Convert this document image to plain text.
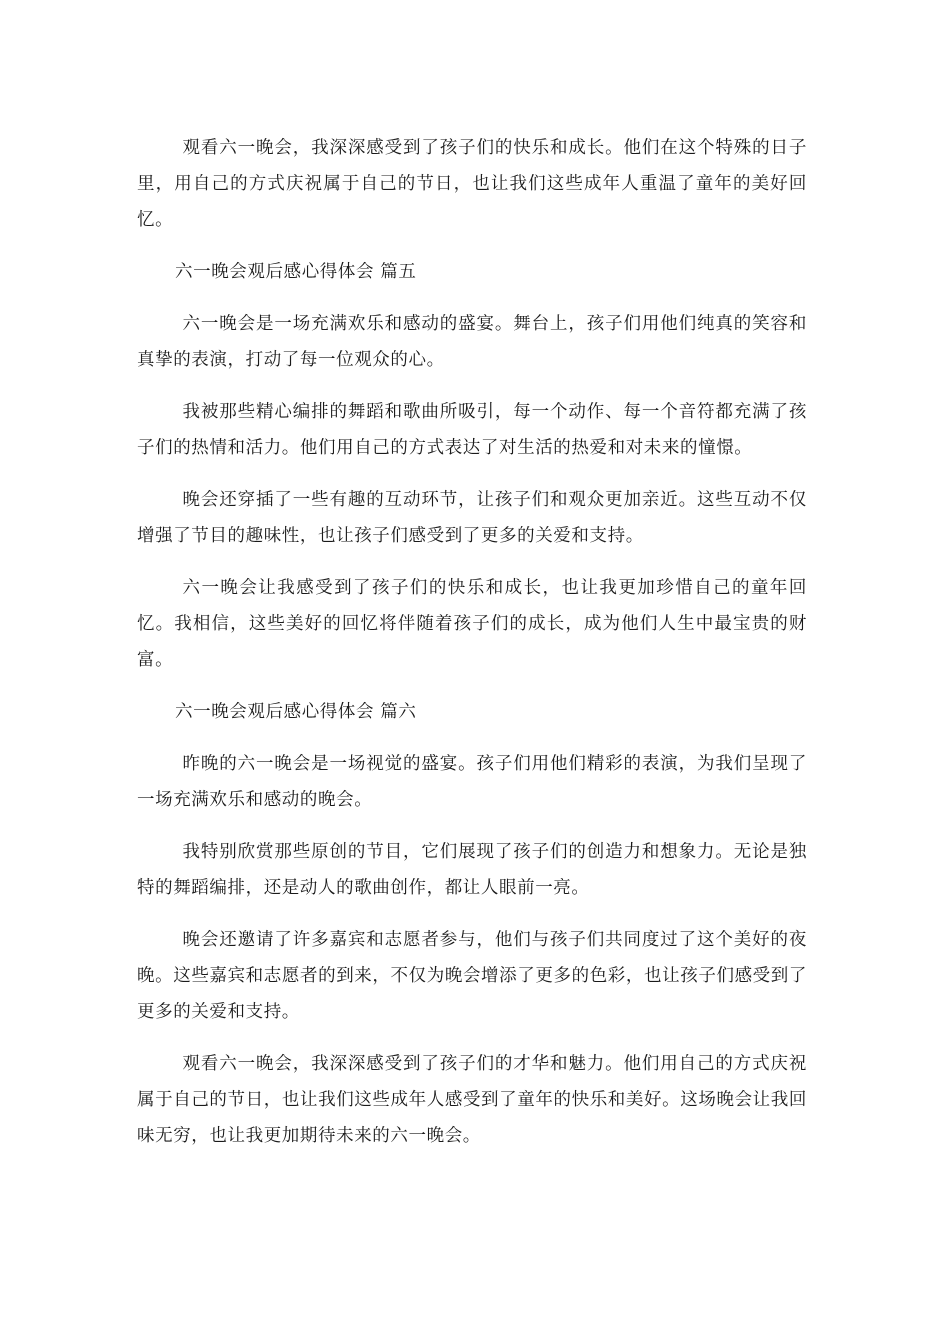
观看六一晚会，我深深感受到了孩子们的快乐和成长。他们在这个特殊的日子里，用自己的方式庆祝属于自己的节日，也让我们这些成年人重温了童年的美好回忆。

六一晚会观后感心得体会 篇五

六一晚会是一场充满欢乐和感动的盛宴。舞台上，孩子们用他们纯真的笑容和真挚的表演，打动了每一位观众的心。

我被那些精心编排的舞蹈和歌曲所吸引，每一个动作、每一个音符都充满了孩子们的热情和活力。他们用自己的方式表达了对生活的热爱和对未来的憧憬。

晚会还穿插了一些有趣的互动环节，让孩子们和观众更加亲近。这些互动不仅增强了节目的趣味性，也让孩子们感受到了更多的关爱和支持。

六一晚会让我感受到了孩子们的快乐和成长，也让我更加珍惜自己的童年回忆。我相信，这些美好的回忆将伴随着孩子们的成长，成为他们人生中最宝贵的财富。

六一晚会观后感心得体会 篇六

昨晚的六一晚会是一场视觉的盛宴。孩子们用他们精彩的表演，为我们呈现了一场充满欢乐和感动的晚会。

我特别欣赏那些原创的节目，它们展现了孩子们的创造力和想象力。无论是独特的舞蹈编排，还是动人的歌曲创作，都让人眼前一亮。

晚会还邀请了许多嘉宾和志愿者参与，他们与孩子们共同度过了这个美好的夜晚。这些嘉宾和志愿者的到来，不仅为晚会增添了更多的色彩，也让孩子们感受到了更多的关爱和支持。

观看六一晚会，我深深感受到了孩子们的才华和魅力。他们用自己的方式庆祝属于自己的节日，也让我们这些成年人感受到了童年的快乐和美好。这场晚会让我回味无穷，也让我更加期待未来的六一晚会。
